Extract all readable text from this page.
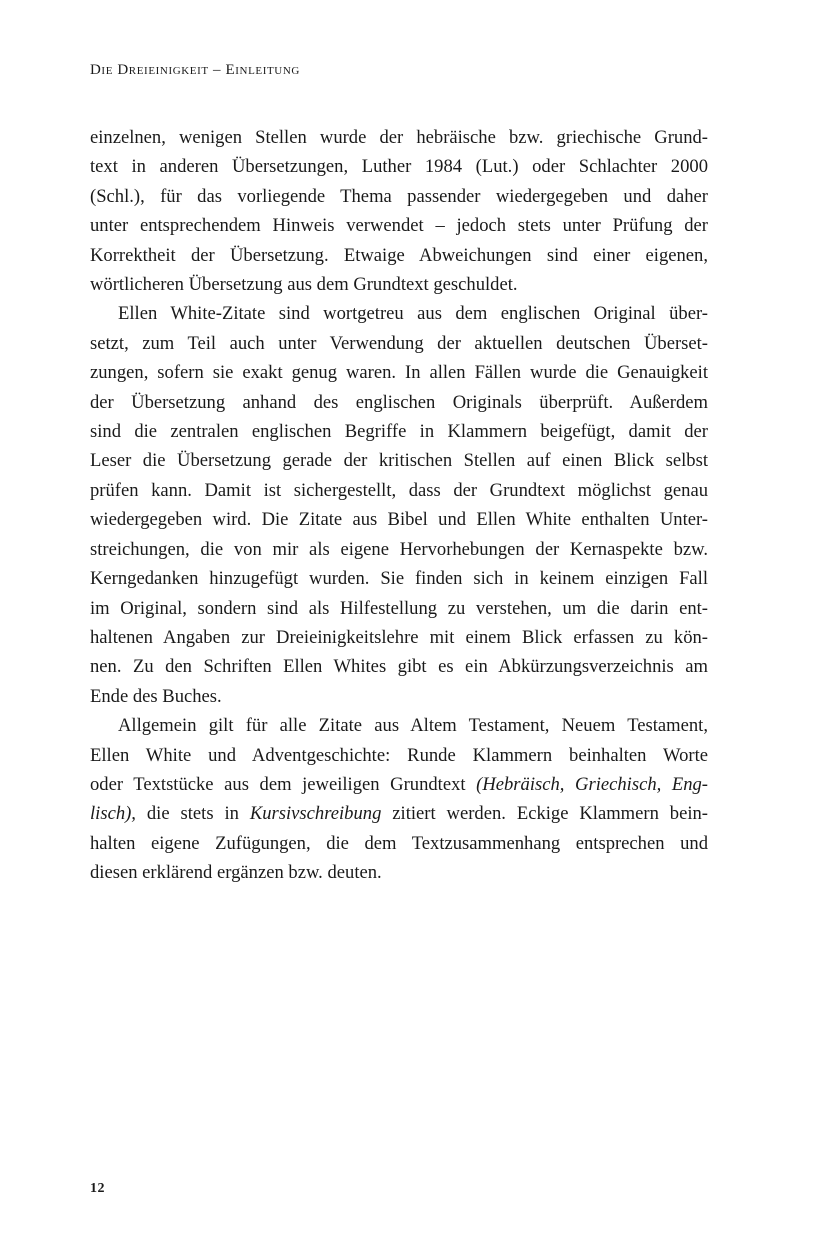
Die Dreieinigkeit – Einleitung

einzelnen, wenigen Stellen wurde der hebräische bzw. griechische Grund-
text in anderen Übersetzungen, Luther 1984 (Lut.) oder Schlachter 2000
(Schl.), für das vorliegende Thema passender wiedergegeben und daher
unter entsprechendem Hinweis verwendet – jedoch stets unter Prüfung der
Korrektheit der Übersetzung. Etwaige Abweichungen sind einer eigenen,
wörtlicheren Übersetzung aus dem Grundtext geschuldet.

Ellen White-Zitate sind wortgetreu aus dem englischen Original über-
setzt, zum Teil auch unter Verwendung der aktuellen deutschen Überset-
zungen, sofern sie exakt genug waren. In allen Fällen wurde die Genauigkeit
der Übersetzung anhand des englischen Originals überprüft. Außerdem
sind die zentralen englischen Begriffe in Klammern beigefügt, damit der
Leser die Übersetzung gerade der kritischen Stellen auf einen Blick selbst
prüfen kann. Damit ist sichergestellt, dass der Grundtext möglichst genau
wiedergegeben wird. Die Zitate aus Bibel und Ellen White enthalten Unter-
streichungen, die von mir als eigene Hervorhebungen der Kernaspekte bzw.
Kerngedanken hinzugefügt wurden. Sie finden sich in keinem einzigen Fall
im Original, sondern sind als Hilfestellung zu verstehen, um die darin ent-
haltenen Angaben zur Dreieinigkeitslehre mit einem Blick erfassen zu kön-
nen. Zu den Schriften Ellen Whites gibt es ein Abkürzungsverzeichnis am
Ende des Buches.

Allgemein gilt für alle Zitate aus Altem Testament, Neuem Testament,
Ellen White und Adventgeschichte: Runde Klammern beinhalten Worte
oder Textstücke aus dem jeweiligen Grundtext (Hebräisch, Griechisch, Eng-
lisch), die stets in Kursivschreibung zitiert werden. Eckige Klammern bein-
halten eigene Zufügungen, die dem Textzusammenhang entsprechen und
diesen erklärend ergänzen bzw. deuten.

12
